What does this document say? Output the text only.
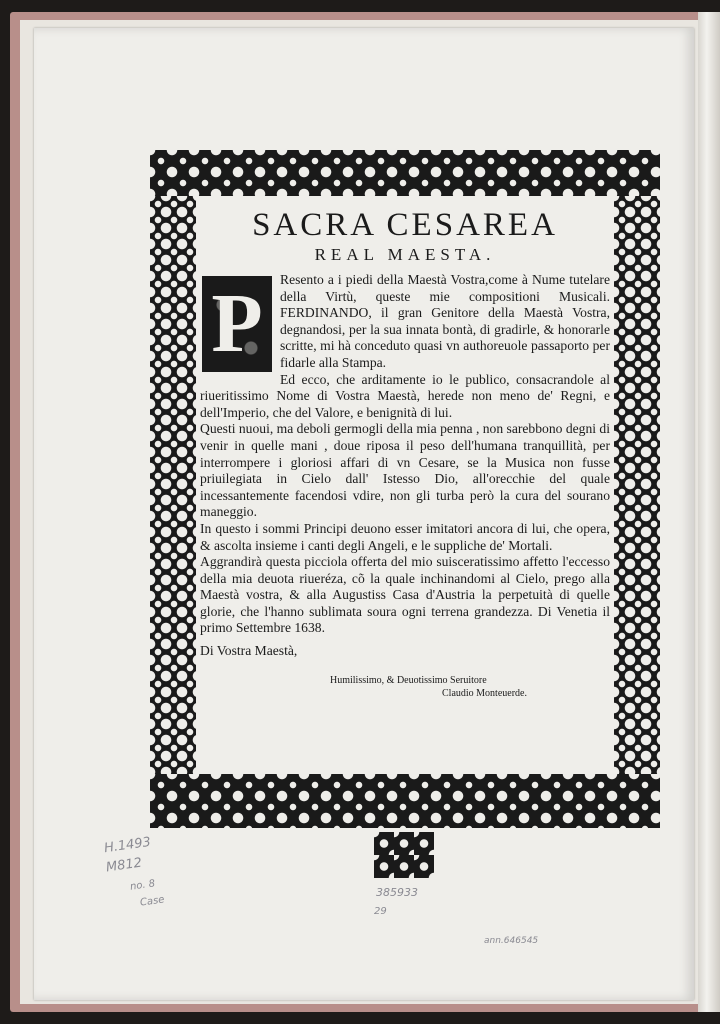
SACRA CESAREA
REAL MAESTA.
P	Resento a i piedi della Maestà Vostra,come à Nume tutelare della Virtù, queste mie compositioni Musicali. FERDINANDO, il gran Genitore della Maestà Vostra, degnandosi, per la sua innata bontà, di gradirle, & honorarle scritte, mi hà conceduto quasi vn authoreuole passaporto per fidarle alla Stampa.

Ed ecco, che arditamente io le publico, consacrandole al riueritissimo Nome di Vostra Maestà, herede non meno de' Regni, e dell'Imperio, che del Valore, e benignità di lui.

Questi nuoui, ma deboli germogli della mia penna , non sarebbono degni di venir in quelle mani , doue riposa il peso dell'humana tranquillità, per interrompere i gloriosi affari di vn Cesare, se la Musica non fusse priuilegiata in Cielo dall' Istesso Dio, all'orecchie del quale incessantemente facendosi vdire, non gli turba però la cura del sourano maneggio.

In questo i sommi Principi deuono esser imitatori ancora di lui, che opera, & ascolta insieme i canti degli Angeli, e le suppliche de' Mortali.

Aggrandirà questa picciola offerta del mio suisceratissimo affetto l'eccesso della mia deuota riueréza, cõ la quale inchinandomi al Cielo, prego alla Maestà vostra, & alla Augustiss Casa d'Austria la perpetuità di quelle glorie, che l'hanno sublimata soura ogni terrena grandezza. Di Venetia il primo Settembre 1638.

Di Vostra Maestà,

Humilissimo, & Deuotissimo Seruitore
Claudio Monteuerde.
H.1493
M812
no. 8
Case
385933
29
ann.646545
